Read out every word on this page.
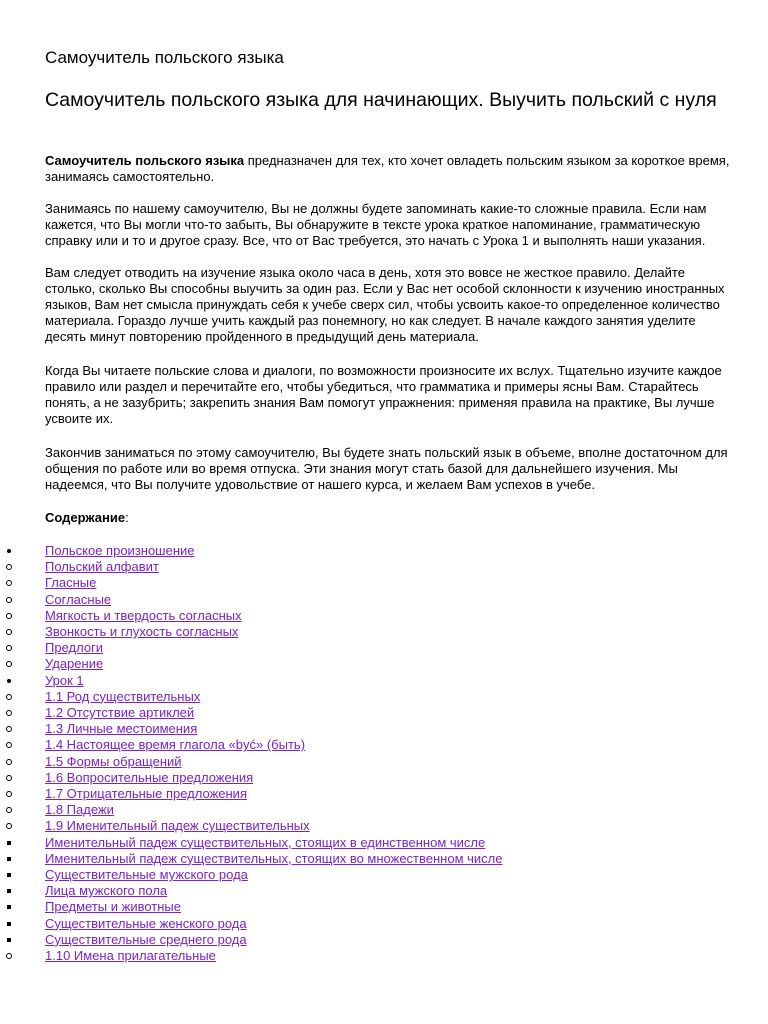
Самоучитель польского языка
Самоучитель польского языка для начинающих. Выучить польский с нуля

Самоучитель польского языка предназначен для тех, кто хочет овладеть польским языком за короткое время, занимаясь самостоятельно.

Занимаясь по нашему самоучителю, Вы не должны будете запоминать какие-то сложные правила. Если нам кажется, что Вы могли что-то забыть, Вы обнаружите в тексте урока краткое напоминание, грамматическую справку или и то и другое сразу. Все, что от Вас требуется, это начать с Урока 1 и выполнять наши указания.

Вам следует отводить на изучение языка около часа в день, хотя это вовсе не жесткое правило. Делайте столько, сколько Вы способны выучить за один раз. Если у Вас нет особой склонности к изучению иностранных языков, Вам нет смысла принуждать себя к учебе сверх сил, чтобы усвоить какое-то определенное количество материала. Гораздо лучше учить каждый раз понемногу, но как следует. В начале каждого занятия уделите десять минут повторению пройденного в предыдущий день материала.

Когда Вы читаете польские слова и диалоги, по возможности произносите их вслух. Тщательно изучите каждое правило или раздел и перечитайте его, чтобы убедиться, что грамматика и примеры ясны Вам. Старайтесь понять, а не зазубрить; закрепить знания Вам помогут упражнения: применяя правила на практике, Вы лучше усвоите их.

Закончив заниматься по этому самоучителю, Вы будете знать польский язык в объеме, вполне достаточном для общения по работе или во время отпуска. Эти знания могут стать базой для дальнейшего изучения. Мы надеемся, что Вы получите удовольствие от нашего курса, и желаем Вам успехов в учебе.

Содержание:
Польское произношение
Польский алфавит
Гласные
Согласные
Мягкость и твердость согласных
Звонкость и глухость согласных
Предлоги
Ударение
Урок 1
1.1 Род существительных
1.2 Отсутствие артиклей
1.3 Личные местоимения
1.4 Настоящее время глагола «być» (быть)
1.5 Формы обращений
1.6 Вопросительные предложения
1.7 Отрицательные предложения
1.8 Падежи
1.9 Именительный падеж существительных
Именительный падеж существительных, стоящих в единственном числе
Именительный падеж существительных, стоящих во множественном числе
Существительные мужского рода
Лица мужского пола
Предметы и животные
Существительные женского рода
Существительные среднего рода
1.10 Имена прилагательные
